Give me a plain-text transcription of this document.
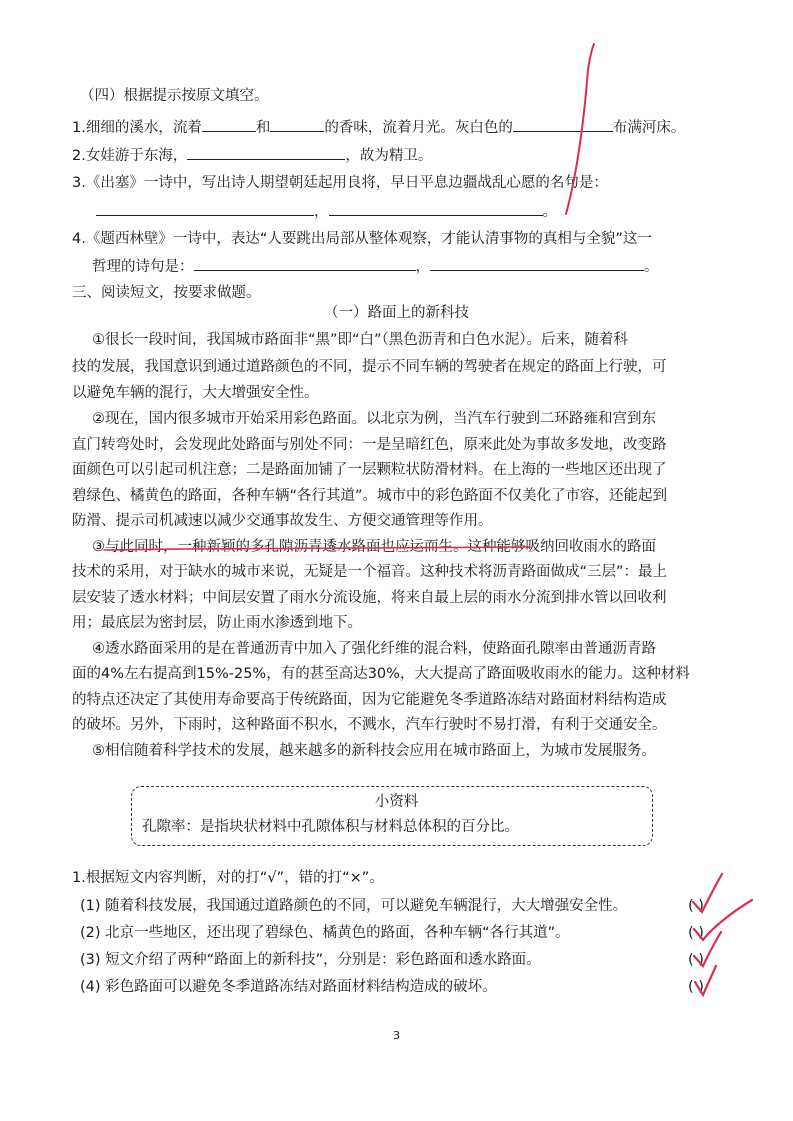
（四）根据提示按原文填空。
1.细细的溪水，流着	和	的香味，流着月光。灰白色的	布满河床。
2.女娃游于东海，	，故为精卫。
3.《出塞》一诗中，写出诗人期望朝廷起用良将，早日平息边疆战乱心愿的名句是：
，	。
4.《题西林壁》一诗中，表达“人要跳出局部从整体观察，才能认清事物的真相与全貌”这一
哲理的诗句是：	，	。
三、阅读短文，按要求做题。
（一）路面上的新科技
①很长一段时间，我国城市路面非“黑”即“白”（黑色沥青和白色水泥）。后来，随着科
技的发展，我国意识到通过道路颜色的不同，提示不同车辆的驾驶者在规定的路面上行驶，可
以避免车辆的混行，大大增强安全性。
②现在，国内很多城市开始采用彩色路面。以北京为例，当汽车行驶到二环路雍和宫到东
直门转弯处时，会发现此处路面与别处不同：一是呈暗红色，原来此处为事故多发地，改变路
面颜色可以引起司机注意；二是路面加铺了一层颗粒状防滑材料。在上海的一些地区还出现了
碧绿色、橘黄色的路面，各种车辆“各行其道”。城市中的彩色路面不仅美化了市容，还能起到
防滑、提示司机减速以减少交通事故发生、方便交通管理等作用。
③与此同时，一种新颖的多孔隙沥青透水路面也应运而生。这种能够吸纳回收雨水的路面
技术的采用，对于缺水的城市来说，无疑是一个福音。这种技术将沥青路面做成“三层”：最上
层安装了透水材料；中间层安置了雨水分流设施，将来自最上层的雨水分流到排水管以回收利
用；最底层为密封层，防止雨水渗透到地下。
④透水路面采用的是在普通沥青中加入了强化纤维的混合料，使路面孔隙率由普通沥青路
面的4%左右提高到15%-25%，有的甚至高达30%，大大提高了路面吸收雨水的能力。这种材料
的特点还决定了其使用寿命要高于传统路面，因为它能避免冬季道路冻结对路面材料结构造成
的破坏。另外，下雨时，这种路面不积水，不溅水，汽车行驶时不易打滑，有利于交通安全。
⑤相信随着科学技术的发展，越来越多的新科技会应用在城市路面上，为城市发展服务。
小资料
孔隙率：是指块状材料中孔隙体积与材料总体积的百分比。
1.根据短文内容判断，对的打“√”，错的打“×”。
(1) 随着科技发展，我国通过道路颜色的不同，可以避免车辆混行，大大增强安全性。	( )
(2) 北京一些地区，还出现了碧绿色、橘黄色的路面，各种车辆“各行其道”。	( )
(3) 短文介绍了两种“路面上的新科技”，分别是：彩色路面和透水路面。	( )
(4) 彩色路面可以避免冬季道路冻结对路面材料结构造成的破坏。	( )
3
